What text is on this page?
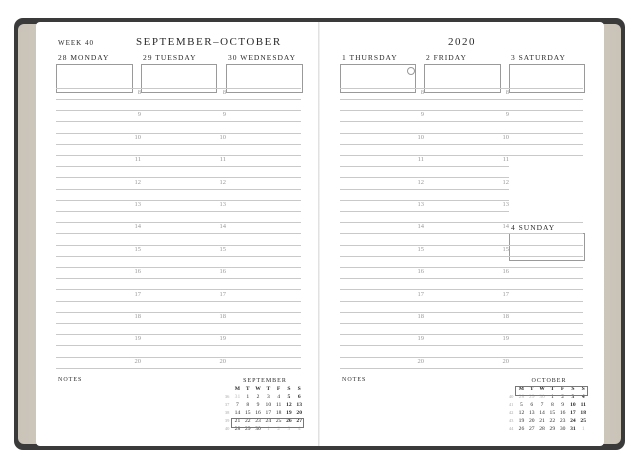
WEEK 40	SEPTEMBER–OCTOBER
28 MONDAY	29 TUESDAY	30 WEDNESDAY
8	8
9	9
10	10
11	11
12	12
13	13
14	14
15	15
16	16
17	17
18	18
19	19
20	20
NOTES	SEPTEMBER
M	T	W	T	F	S	S
36 31	1	2	3	4	5	6
37	7	8	9	10 11 12 13
38 14 15 16 17 18 19 20
39 21 22 23 24 25 26 27
40 28 29 30	1	2	3	4
2020
1 THURSDAY	2 FRIDAY	3 SATURDAY
4 SUNDAY
8	8
9	9
10	10
11	11
12	12
13	13
14	14
15	15
16	16
17	17
18	18
19	19
20	20
NOTES	OCTOBER
M	T	W	T	F	S	S
40 28 29 30	1	2	3	4
41	5	6	7	8	9	10 11
42 12 13 14 15 16 17 18
43 19 20 21 22 23 24 25
44 26 27 28 29 30 31	1
